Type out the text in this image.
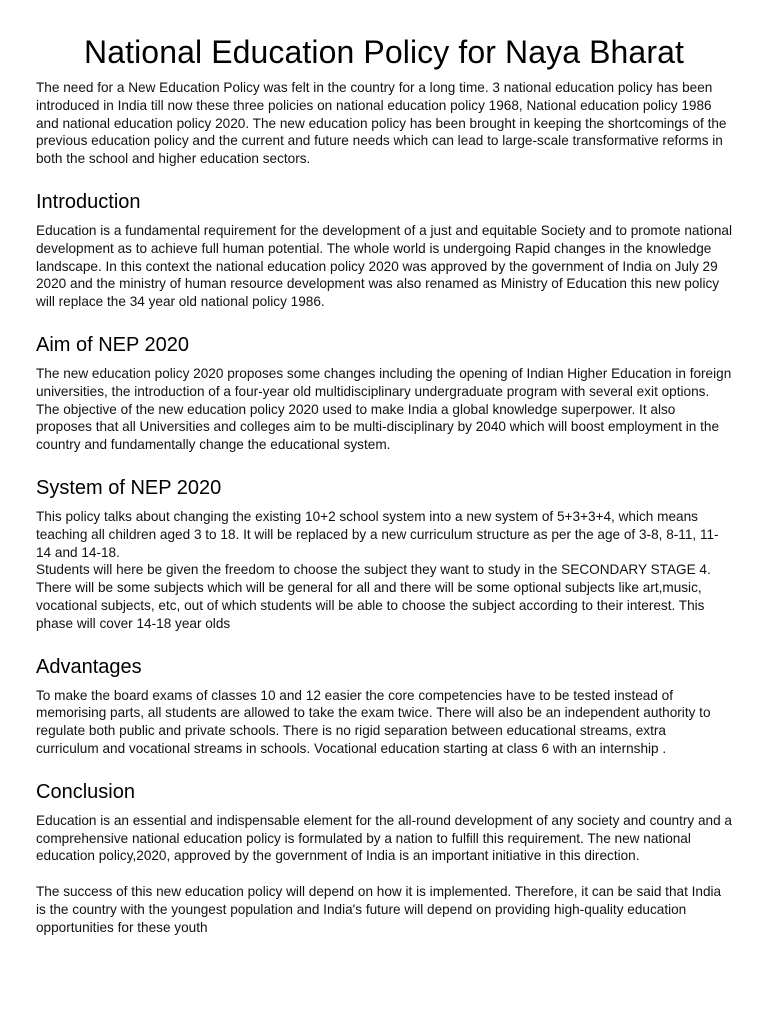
National Education Policy for Naya Bharat

The need for a New Education Policy was felt in the country for a long time. 3 national education policy has been introduced in India till now these three policies on national education policy 1968, National education policy 1986 and national education policy 2020. The new education policy has been brought in keeping the shortcomings of the previous education policy and the current and future needs which can lead to large-scale transformative reforms in both the school and higher education sectors.

Introduction

Education is a fundamental requirement for the development of a just and equitable Society and to promote national development as to achieve full human potential. The whole world is undergoing Rapid changes in the knowledge landscape. In this context the national education policy 2020 was approved by the government of India on July 29 2020 and the ministry of human resource development was also renamed as Ministry of Education this new policy will replace the 34 year old national policy 1986.

Aim of NEP 2020

The new education policy 2020 proposes some changes including the opening of Indian Higher Education in foreign universities, the introduction of a four-year old multidisciplinary undergraduate program with several exit options. The objective of the new education policy 2020 used to make India a global knowledge superpower. It also proposes that all Universities and colleges aim to be multi-disciplinary by 2040 which will boost employment in the country and fundamentally change the educational system.

System of NEP 2020

This policy talks about changing the existing 10+2 school system into a new system of 5+3+3+4, which means teaching all children aged 3 to 18. It will be replaced by a new curriculum structure as per the age of 3-8, 8-11, 11-14 and 14-18.

Students will here be given the freedom to choose the subject they want to study in the SECONDARY STAGE 4. There will be some subjects which will be general for all and there will be some optional subjects like art,music, vocational subjects, etc, out of which students will be able to choose the subject according to their interest. This phase will cover 14-18 year olds

Advantages

To make the board exams of classes 10 and 12 easier the core competencies have to be tested instead of memorising parts, all students are allowed to take the exam twice. There will also be an independent authority to regulate both public and private schools. There is no rigid separation between educational streams, extra curriculum and vocational streams in schools. Vocational education starting at class 6 with an internship .

Conclusion

Education is an essential and indispensable element for the all-round development of any society and country and a comprehensive national education policy is formulated by a nation to fulfill this requirement. The new national education policy,2020, approved by the government of India is an important initiative in this direction.

The success of this new education policy will depend on how it is implemented. Therefore, it can be said that India is the country with the youngest population and India's future will depend on providing high-quality education opportunities for these youth
